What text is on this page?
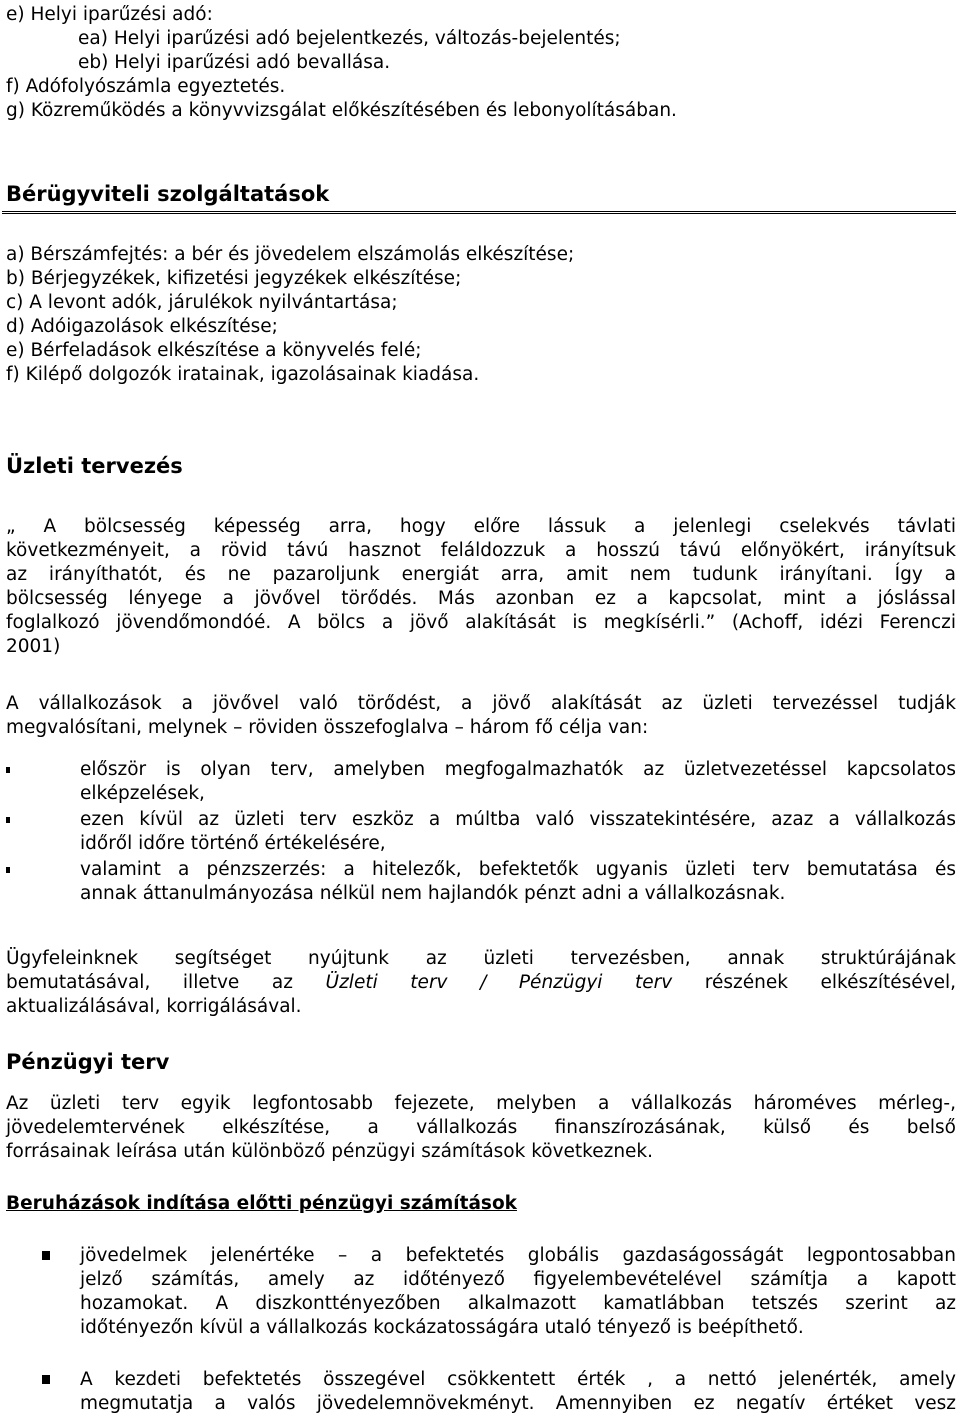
e) Helyi iparűzési adó:
ea) Helyi iparűzési adó bejelentkezés, változás-bejelentés;
eb) Helyi iparűzési adó bevallása.
f) Adófolyószámla egyeztetés.
g) Közreműködés a könyvvizsgálat előkészítésében és lebonyolításában.
Bérügyviteli szolgáltatások
a) Bérszámfejtés: a bér és jövedelem elszámolás elkészítése;
b) Bérjegyzékek, kifizetési jegyzékek elkészítése;
c) A levont adók, járulékok nyilvántartása;
d) Adóigazolások elkészítése;
e) Bérfeladások elkészítése a könyvelés felé;
f) Kilépő dolgozók iratainak, igazolásainak kiadása.
Üzleti tervezés
„ A bölcsesség képesség arra, hogy előre lássuk a jelenlegi cselekvés távlati
következményeit, a rövid távú hasznot feláldozzuk a hosszú távú előnyökért, irányítsuk
az irányíthatót, és ne pazaroljunk energiát arra, amit nem tudunk irányítani. Így a
bölcsesség lényege a jövővel törődés. Más azonban ez a kapcsolat, mint a jóslással
foglalkozó jövendőmondóé. A bölcs a jövő alakítását is megkísérli.” (Achoff, idézi Ferenczi
2001)
A vállalkozások a jövővel való törődést, a jövő alakítását az üzleti tervezéssel tudják
megvalósítani, melynek – röviden összefoglalva – három fő célja van:
először is olyan terv, amelyben megfogalmazhatók az üzletvezetéssel kapcsolatos
elképzelések,
ezen kívül az üzleti terv eszköz a múltba való visszatekintésére, azaz a vállalkozás
időről időre történő értékelésére,
valamint a pénzszerzés: a hitelezők, befektetők ugyanis üzleti terv bemutatása és
annak áttanulmányozása nélkül nem hajlandók pénzt adni a vállalkozásnak.
Ügyfeleinknek segítséget nyújtunk az üzleti tervezésben, annak struktúrájának
bemutatásával, illetve az Üzleti terv / Pénzügyi terv részének elkészítésével,
aktualizálásával, korrigálásával.
Pénzügyi terv
Az üzleti terv egyik legfontosabb fejezete, melyben a vállalkozás hároméves mérleg-,
jövedelemtervének elkészítése, a vállalkozás finanszírozásának, külső és belső
forrásainak leírása után különböző pénzügyi számítások következnek.
Beruházások indítása előtti pénzügyi számítások
jövedelmek jelenértéke – a befektetés globális gazdaságosságát legpontosabban
jelző számítás, amely az időtényező figyelembevételével számítja a kapott
hozamokat. A diszkonttényezőben alkalmazott kamatlábban tetszés szerint az
időtényezőn kívül a vállalkozás kockázatosságára utaló tényező is beépíthető.
A kezdeti befektetés összegével csökkentett érték , a nettó jelenérték, amely
megmutatja a valós jövedelemnövekményt. Amennyiben ez negatív értéket vesz
